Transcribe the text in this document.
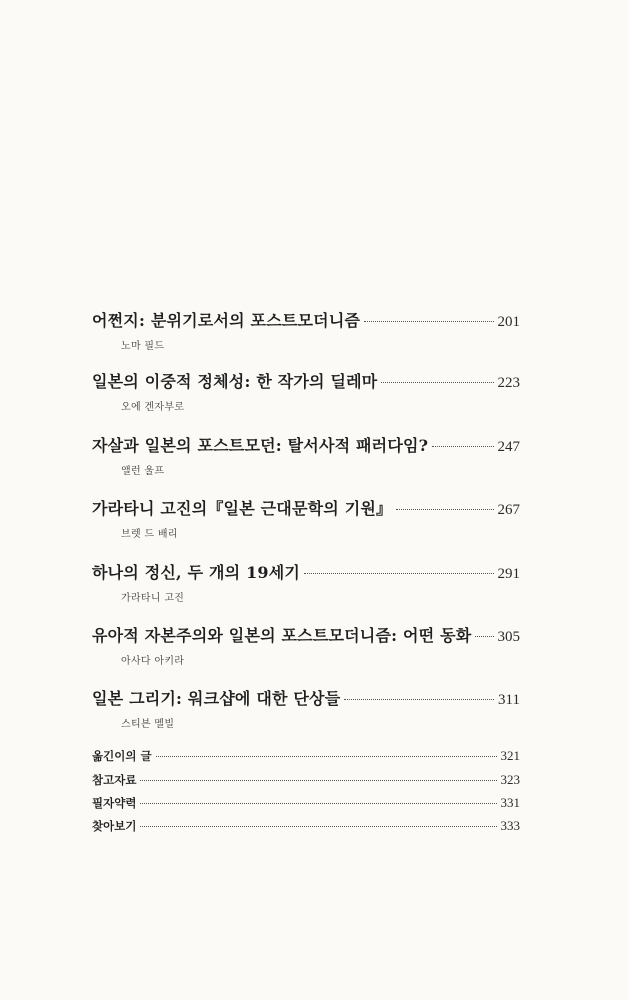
어쩐지: 분위기로서의 포스트모더니즘	201
노마 필드
일본의 이중적 정체성: 한 작가의 딜레마	223
오에 겐자부로
자살과 일본의 포스트모던: 탈서사적 패러다임?	247
앨런 울프
가라타니 고진의『일본 근대문학의 기원』	267
브렛 드 배리
하나의 정신, 두 개의 19세기	291
가라타니 고진
유아적 자본주의와 일본의 포스트모더니즘: 어떤 동화 305
아사다 아키라
일본 그리기: 워크샵에 대한 단상들	311
스티븐 멜빌
옮긴이의 글	321
참고자료	323
필자약력	331
찾아보기	333
